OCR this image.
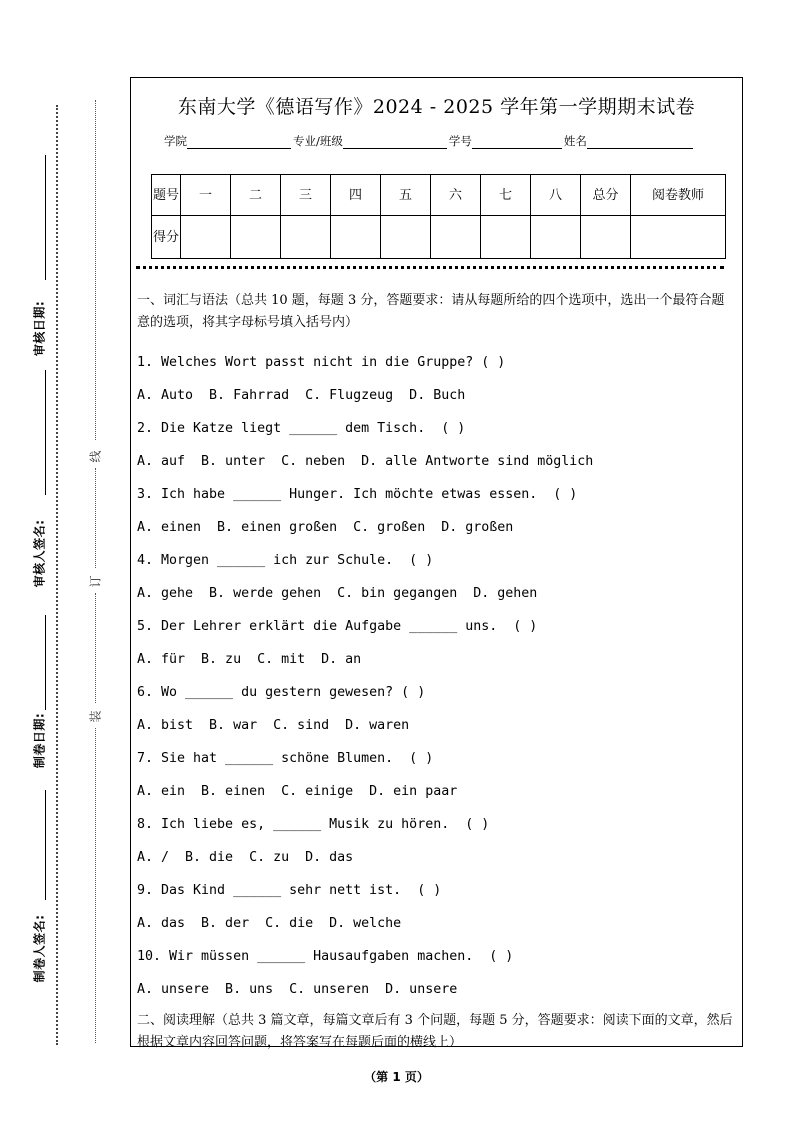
审核日期:
审核人签名:
制卷日期:
制卷人签名:
线
订
装
东南大学《德语写作》2024 - 2025 学年第一学期期末试卷
学院	专业/班级	学号	姓名
题号	一	二	三	四	五	六	七	八	总分	阅卷教师
得分										

一、词汇与语法（总共 10 题，每题 3 分，答题要求：请从每题所给的四个选项中，选出一个最符合题意的选项，将其字母标号填入括号内）

1. Welches Wort passt nicht in die Gruppe? ( )

A. Auto  B. Fahrrad  C. Flugzeug  D. Buch

2. Die Katze liegt ______ dem Tisch.  ( )

A. auf  B. unter  C. neben  D. alle Antworte sind möglich

3. Ich habe ______ Hunger. Ich möchte etwas essen.  ( )

A. einen  B. einen großen  C. großen  D. großen

4. Morgen ______ ich zur Schule.  ( )

A. gehe  B. werde gehen  C. bin gegangen  D. gehen

5. Der Lehrer erklärt die Aufgabe ______ uns.  ( )

A. für  B. zu  C. mit  D. an

6. Wo ______ du gestern gewesen? ( )

A. bist  B. war  C. sind  D. waren

7. Sie hat ______ schöne Blumen.  ( )

A. ein  B. einen  C. einige  D. ein paar

8. Ich liebe es, ______ Musik zu hören.  ( )

A. /  B. die  C. zu  D. das

9. Das Kind ______ sehr nett ist.  ( )

A. das  B. der  C. die  D. welche

10. Wir müssen ______ Hausaufgaben machen.  ( )

A. unsere  B. uns  C. unseren  D. unsere

二、阅读理解（总共 3 篇文章，每篇文章后有 3 个问题，每题 5 分，答题要求：阅读下面的文章，然后根据文章内容回答问题，将答案写在每题后面的横线上）

（第 1 页）
